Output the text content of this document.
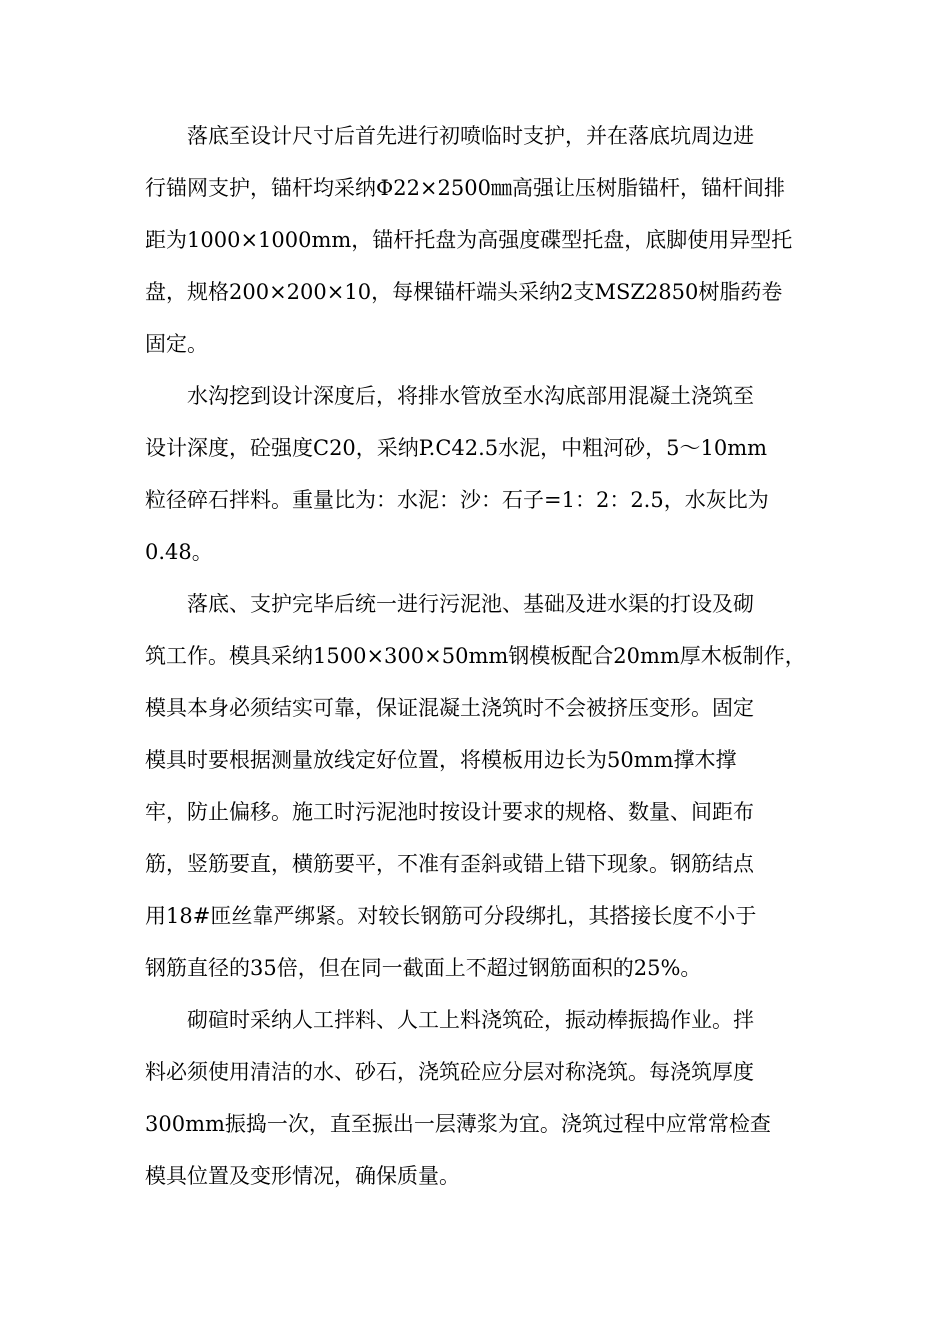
落底至设计尺寸后首先进行初喷临时支护，并在落底坑周边进
行锚网支护，锚杆均采纳Φ22×2500㎜高强让压树脂锚杆，锚杆间排
距为1000×1000mm，锚杆托盘为高强度碟型托盘，底脚使用异型托
盘，规格200×200×10，每棵锚杆端头采纳2支MSZ2850树脂药卷
固定。
水沟挖到设计深度后，将排水管放至水沟底部用混凝土浇筑至
设计深度，砼强度C20，采纳P.C42.5水泥，中粗河砂，5～10mm
粒径碎石拌料。重量比为：水泥：沙：石子=1：2：2.5，水灰比为
0.48。
落底、支护完毕后统一进行污泥池、基础及进水渠的打设及砌
筑工作。模具采纳1500×300×50mm钢模板配合20mm厚木板制作，
模具本身必须结实可靠，保证混凝土浇筑时不会被挤压变形。固定
模具时要根据测量放线定好位置，将模板用边长为50mm撑木撑
牢，防止偏移。施工时污泥池时按设计要求的规格、数量、间距布
筋，竖筋要直，横筋要平，不准有歪斜或错上错下现象。钢筋结点
用18#匝丝靠严绑紧。对较长钢筋可分段绑扎，其搭接长度不小于
钢筋直径的35倍，但在同一截面上不超过钢筋面积的25%。
砌碹时采纳人工拌料、人工上料浇筑砼，振动棒振捣作业。拌
料必须使用清洁的水、砂石，浇筑砼应分层对称浇筑。每浇筑厚度
300mm振捣一次，直至振出一层薄浆为宜。浇筑过程中应常常检查
模具位置及变形情况，确保质量。
